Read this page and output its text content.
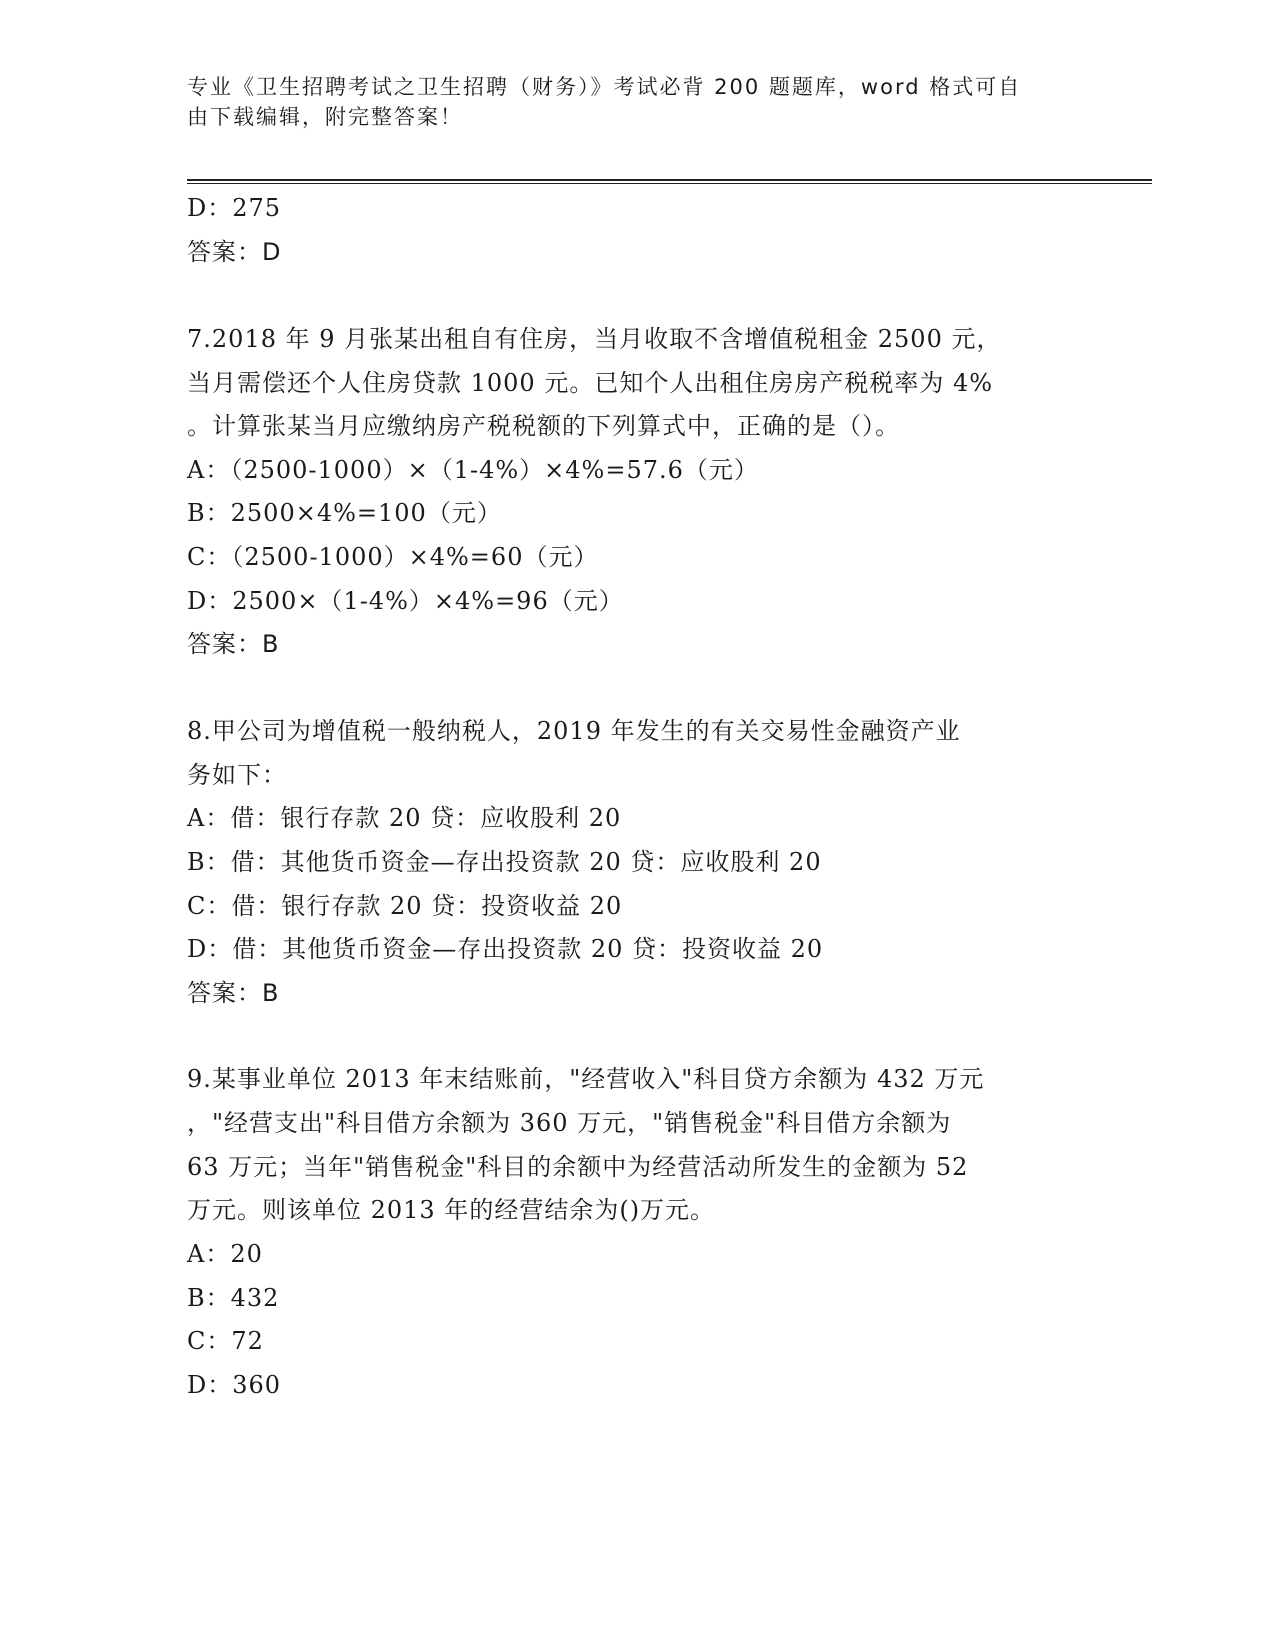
专业《卫生招聘考试之卫生招聘（财务）》考试必背 200 题题库，word 格式可自
由下载编辑，附完整答案！
D：275
答案：D
7.2018 年 9 月张某出租自有住房，当月收取不含增值税租金 2500 元，
当月需偿还个人住房贷款 1000 元。已知个人出租住房房产税税率为 4%
。计算张某当月应缴纳房产税税额的下列算式中，正确的是（）。
A：（2500-1000）×（1-4%）×4%=57.6（元）
B：2500×4%=100（元）
C：（2500-1000）×4%=60（元）
D：2500×（1-4%）×4%=96（元）
答案：B
8.甲公司为增值税一般纳税人，2019 年发生的有关交易性金融资产业
务如下：
A：借：银行存款 20 贷：应收股利 20
B：借：其他货币资金—存出投资款 20 贷：应收股利 20
C：借：银行存款 20 贷：投资收益 20
D：借：其他货币资金—存出投资款 20 贷：投资收益 20
答案：B
9.某事业单位 2013 年末结账前，"经营收入"科目贷方余额为 432 万元
，"经营支出"科目借方余额为 360 万元，"销售税金"科目借方余额为
63 万元；当年"销售税金"科目的余额中为经营活动所发生的金额为 52
万元。则该单位 2013 年的经营结余为()万元。
A：20
B：432
C：72
D：360
